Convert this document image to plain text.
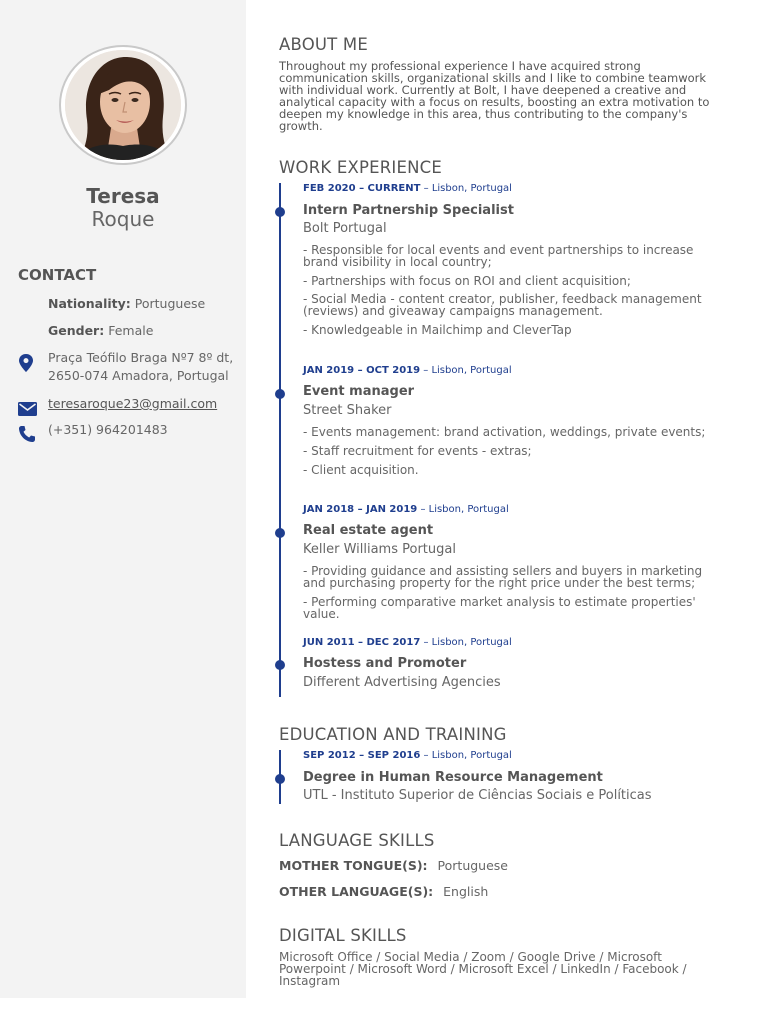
Teresa
Roque
CONTACT
Nationality: Portuguese
Gender: Female
Praça Teófilo Braga Nº7 8º dt,
2650-074 Amadora, Portugal
teresaroque23@gmail.com
(+351) 964201483
ABOUT ME
Throughout my professional experience I have acquired strong communication skills, organizational skills and I like to combine teamwork with individual work. Currently at Bolt, I have deepened a creative and analytical capacity with a focus on results, boosting an extra motivation to deepen my knowledge in this area, thus contributing to the company's growth.
WORK EXPERIENCE
FEB 2020 – CURRENT – Lisbon, Portugal
Intern Partnership Specialist
Bolt Portugal
- Responsible for local events and event partnerships to increase brand visibility in local country;
- Partnerships with focus on ROI and client acquisition;
- Social Media - content creator, publisher, feedback management (reviews) and giveaway campaigns management.
- Knowledgeable in Mailchimp and CleverTap
JAN 2019 – OCT 2019 – Lisbon, Portugal
Event manager
Street Shaker
- Events management: brand activation, weddings, private events;
- Staff recruitment for events - extras;
- Client acquisition.
JAN 2018 – JAN 2019 – Lisbon, Portugal
Real estate agent
Keller Williams Portugal
- Providing guidance and assisting sellers and buyers in marketing and purchasing property for the right price under the best terms;
- Performing comparative market analysis to estimate properties' value.
JUN 2011 – DEC 2017 – Lisbon, Portugal
Hostess and Promoter
Different Advertising Agencies
EDUCATION AND TRAINING
SEP 2012 – SEP 2016 – Lisbon, Portugal
Degree in Human Resource Management
UTL - Instituto Superior de Ciências Sociais e Políticas
LANGUAGE SKILLS
MOTHER TONGUE(S): Portuguese
OTHER LANGUAGE(S): English
DIGITAL SKILLS
Microsoft Office / Social Media / Zoom / Google Drive / Microsoft Powerpoint / Microsoft Word / Microsoft Excel / LinkedIn / Facebook / Instagram
